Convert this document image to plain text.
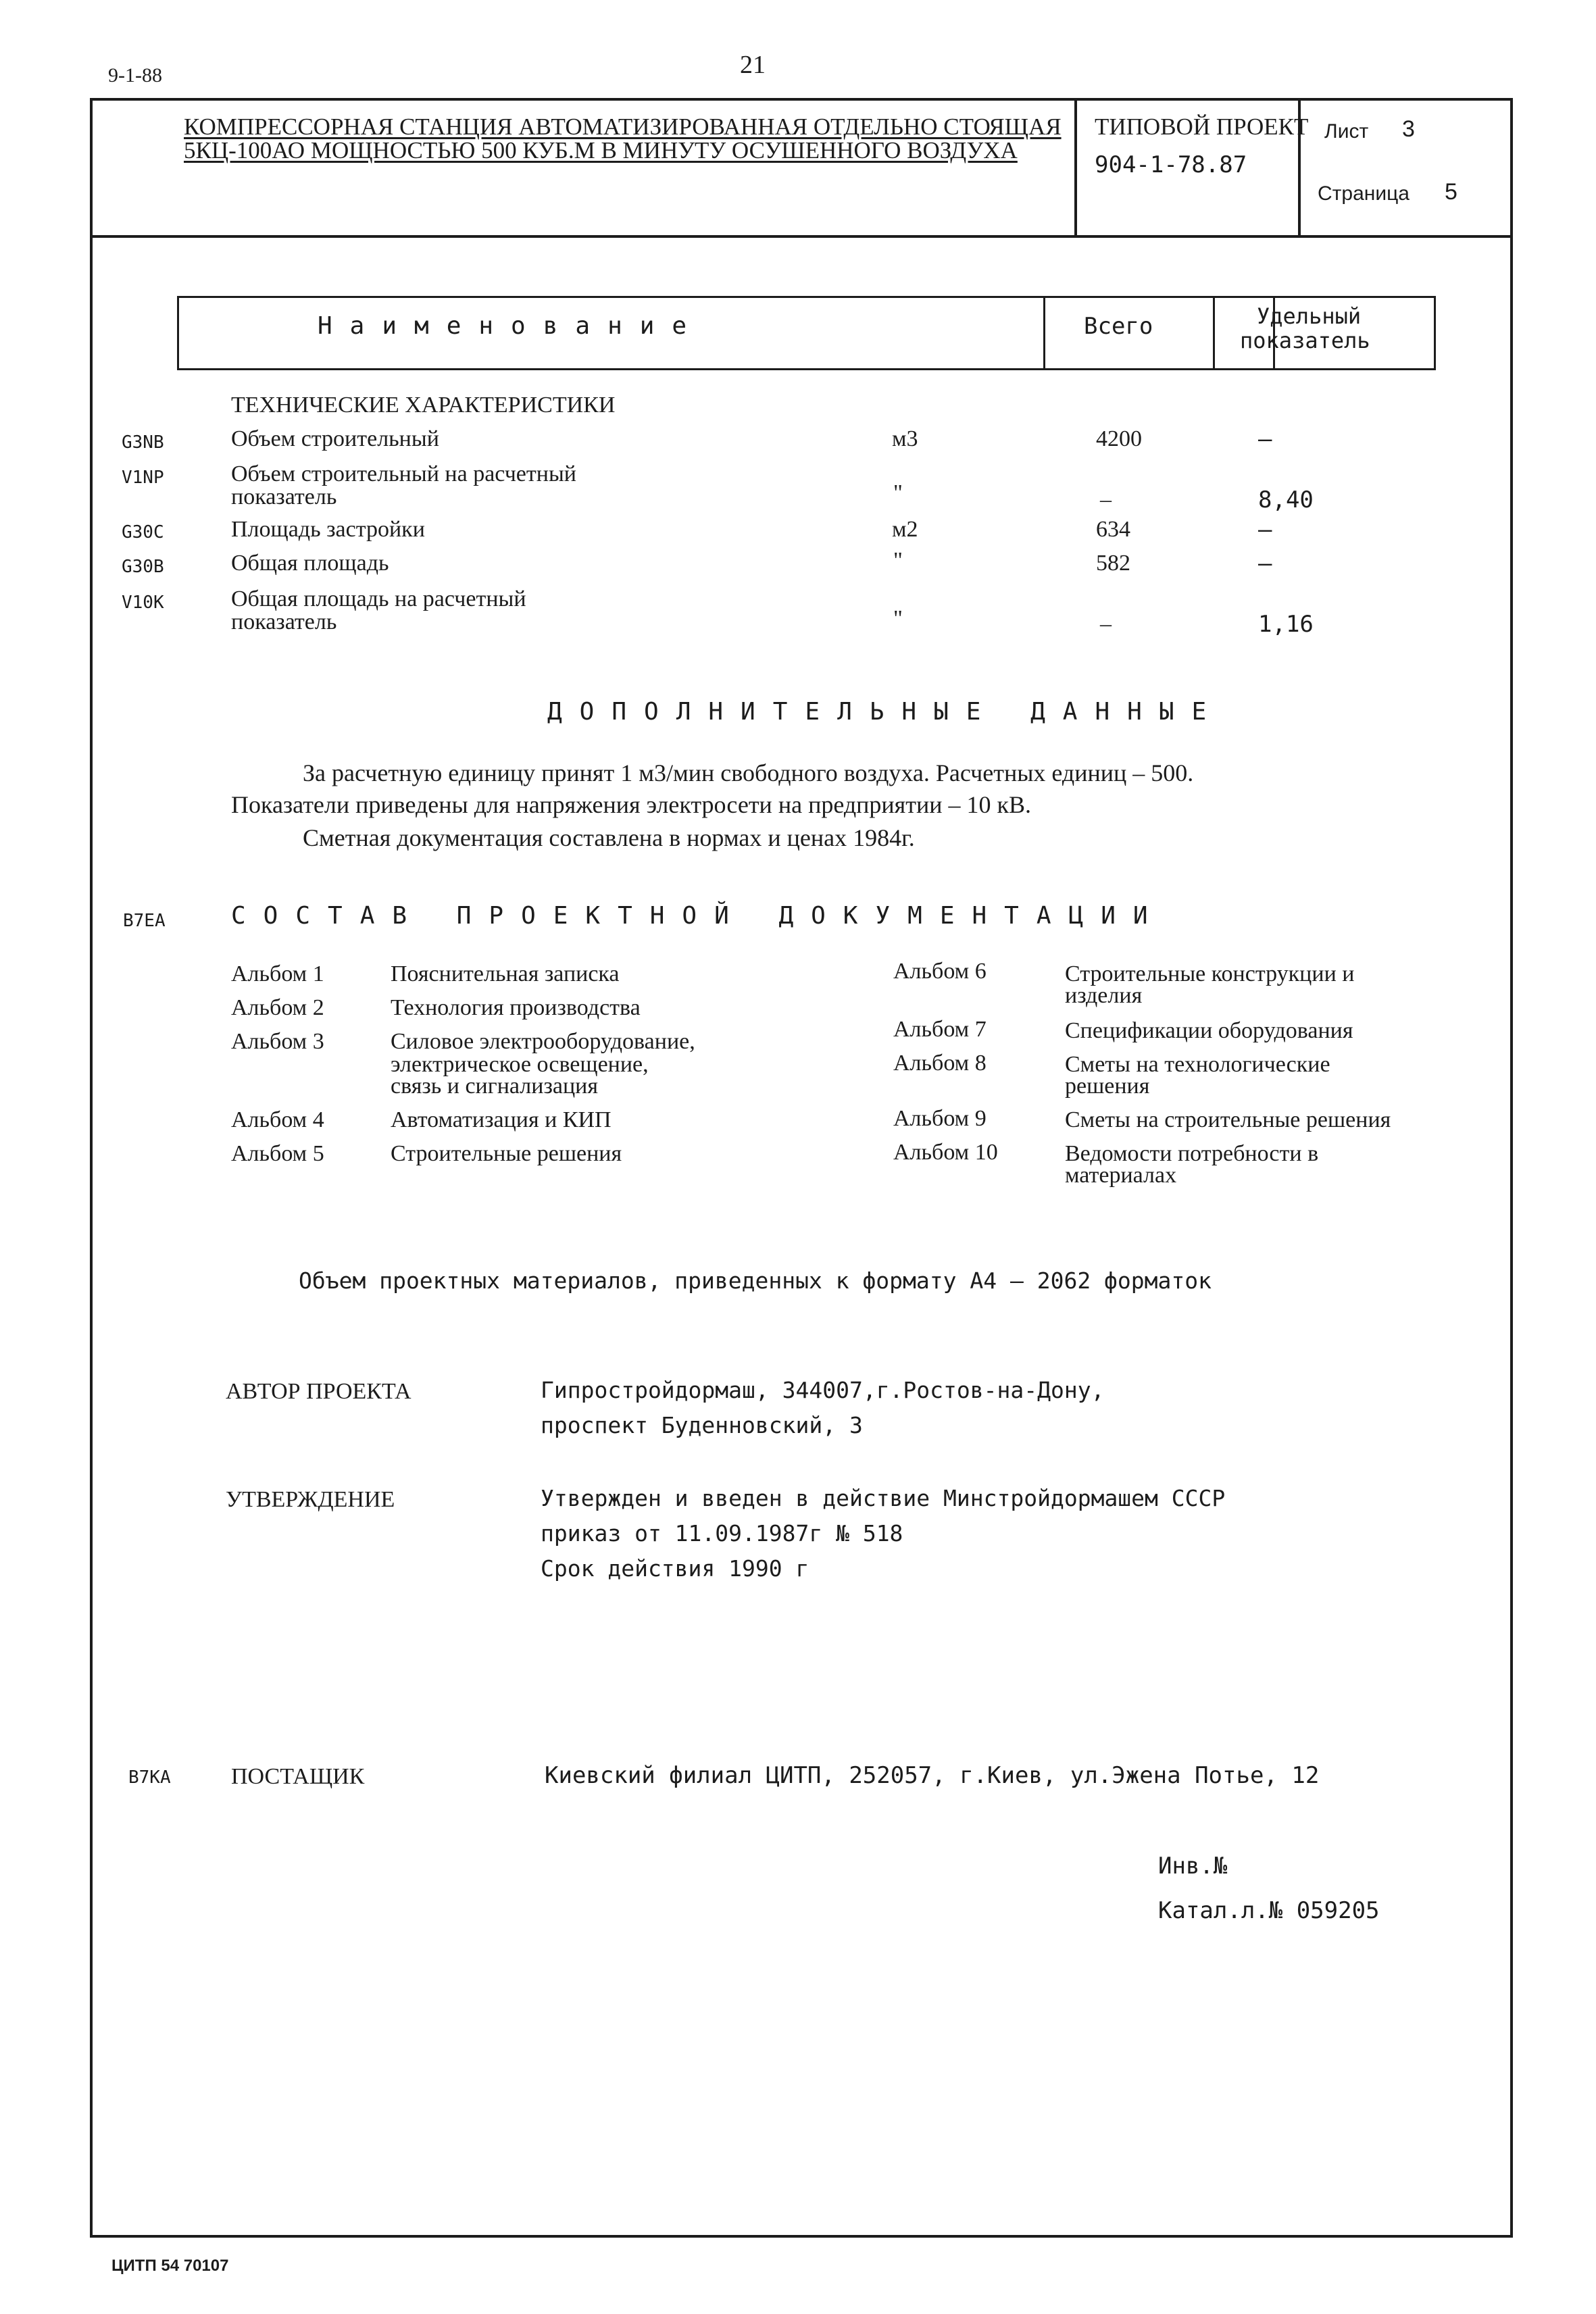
9-1-88	21
КОМПРЕССОРНАЯ СТАНЦИЯ АВТОМАТИЗИРОВАННАЯ ОТДЕЛЬНО СТОЯЩАЯ
5КЦ-100АО МОЩНОСТЬЮ 500 КУБ.М В МИНУТУ ОСУШЕННОГО ВОЗДУХА
ТИПОВОЙ ПРОЕКТ
904-1-78.87
Лист 3
Страница 5
Наименование	Всего	Удельный
показатель
ТЕХНИЧЕСКИЕ ХАРАКТЕРИСТИКИ
G3NB	Объем строительный	м3	4200	–
V1NP	Объем строительный на расчетный
показатель	"	–	8,40
G30C	Площадь застройки	м2	634	–
G30B	Общая площадь	"	582	–
V10K	Общая площадь на расчетный
показатель	"	–	1,16
ДОПОЛНИТЕЛЬНЫЕ ДАННЫЕ
За расчетную единицу принят 1 м3/мин свободного воздуха. Расчетных единиц – 500.
Показатели приведены для напряжения электросети на предприятии – 10 кВ.
Сметная документация составлена в нормах и ценах 1984г.
B7EA	СОСТАВ ПРОЕКТНОЙ ДОКУМЕНТАЦИИ
Альбом 1	Пояснительная записка
Альбом 2	Технология производства
Альбом 3	Силовое электрооборудование,
электрическое освещение,
связь и сигнализация
Альбом 4	Автоматизация и КИП
Альбом 5	Строительные решения
Альбом 6	Строительные конструкции и
изделия
Альбом 7	Спецификации оборудования
Альбом 8	Сметы на технологические
решения
Альбом 9	Сметы на строительные решения
Альбом 10	Ведомости потребности в
материалах
Объем проектных материалов, приведенных к формату А4 – 2062 форматок
АВТОР ПРОЕКТА	Гипростройдормаш, 344007,г.Ростов-на-Дону,
проспект Буденновский, 3
УТВЕРЖДЕНИЕ	Утвержден и введен в действие Минстройдормашем СССР
приказ от 11.09.1987г № 518
Срок действия 1990 г
B7KA	ПОСТАЩИК	Киевский филиал ЦИТП, 252057, г.Киев, ул.Эжена Потье, 12
Инв.№
Катал.л.№ 059205
ЦИТП 54 70107
